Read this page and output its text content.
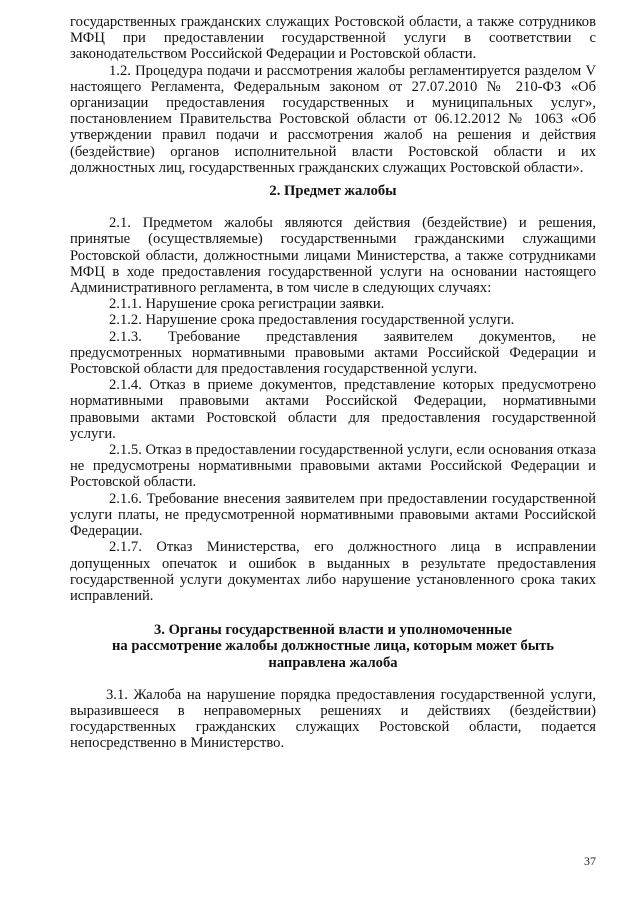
государственных гражданских служащих Ростовской области, а также сотрудников МФЦ при предоставлении государственной услуги в соответствии с законодательством Российской Федерации и Ростовской области.

1.2. Процедура подачи и рассмотрения жалобы регламентируется разделом V настоящего Регламента, Федеральным законом от 27.07.2010 № 210-ФЗ «Об организации предоставления государственных и муниципальных услуг», постановлением Правительства Ростовской области от 06.12.2012 № 1063 «Об утверждении правил подачи и рассмотрения жалоб на решения и действия (бездействие) органов исполнительной власти Ростовской области и их должностных лиц, государственных гражданских служащих Ростовской области».

2. Предмет жалобы

2.1. Предметом жалобы являются действия (бездействие) и решения, принятые (осуществляемые) государственными гражданскими служащими Ростовской области, должностными лицами Министерства, а также сотрудниками МФЦ в ходе предоставления государственной услуги на основании настоящего Административного регламента, в том числе в следующих случаях:

2.1.1. Нарушение срока регистрации заявки.

2.1.2. Нарушение срока предоставления государственной услуги.

2.1.3. Требование представления заявителем документов, не предусмотренных нормативными правовыми актами Российской Федерации и Ростовской области для предоставления государственной услуги.

2.1.4. Отказ в приеме документов, представление которых предусмотрено нормативными правовыми актами Российской Федерации, нормативными правовыми актами Ростовской области для предоставления государственной услуги.

2.1.5. Отказ в предоставлении государственной услуги, если основания отказа не предусмотрены нормативными правовыми актами Российской Федерации и Ростовской области.

2.1.6. Требование внесения заявителем при предоставлении государственной услуги платы, не предусмотренной нормативными правовыми актами Российской Федерации.

2.1.7. Отказ Министерства, его должностного лица в исправлении допущенных опечаток и ошибок в выданных в результате предоставления государственной услуги документах либо нарушение установленного срока таких исправлений.

3. Органы государственной власти и уполномоченные
на рассмотрение жалобы должностные лица, которым может быть
направлена жалоба

3.1. Жалоба на нарушение порядка предоставления государственной услуги, выразившееся в неправомерных решениях и действиях (бездействии) государственных гражданских служащих Ростовской области, подается непосредственно в Министерство.

37
